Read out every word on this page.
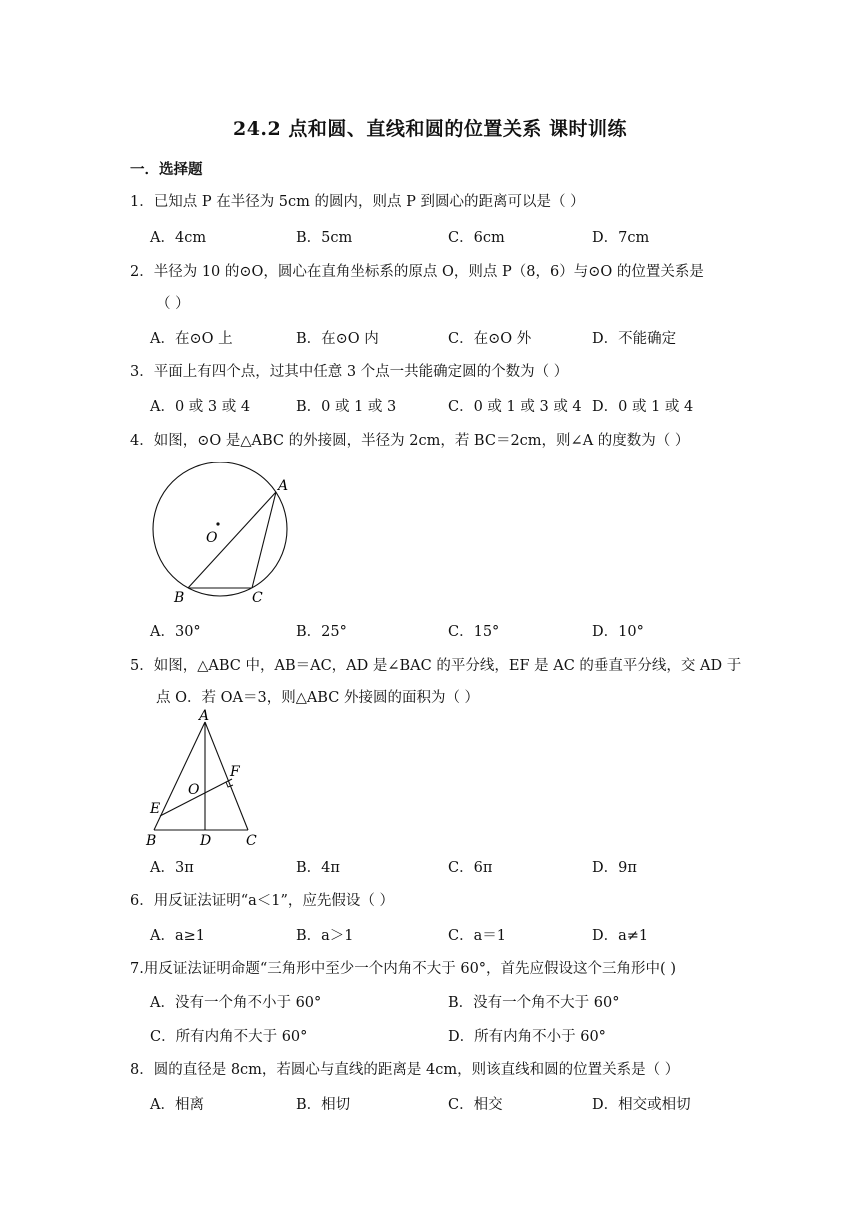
24.2 点和圆、直线和圆的位置关系 课时训练
一．选择题
1．已知点 P 在半径为 5cm 的圆内，则点 P 到圆心的距离可以是（ ）
A．4cm	B．5cm	C．6cm	D．7cm
2．半径为 10 的⊙O，圆心在直角坐标系的原点 O，则点 P（8，6）与⊙O 的位置关系是
（ ）
A．在⊙O 上	B．在⊙O 内	C．在⊙O 外	D．不能确定
3．平面上有四个点，过其中任意 3 个点一共能确定圆的个数为（ ）
A．0 或 3 或 4	B．0 或 1 或 3	C．0 或 1 或 3 或 4 D．0 或 1 或 4
4．如图，⊙O 是△ABC 的外接圆，半径为 2cm，若 BC＝2cm，则∠A 的度数为（ ）
A
B	C
O
A．30°	B．25°	C．15°	D．10°
5．如图，△ABC 中，AB＝AC，AD 是∠BAC 的平分线，EF 是 AC 的垂直平分线，交 AD 于
点 O．若 OA＝3，则△ABC 外接圆的面积为（ ）
A
B	C
D
E
F
O
A．3π	B．4π	C．6π	D．9π
6．用反证法证明“a＜1”，应先假设（ ）
A．a≥1	B．a＞1	C．a＝1	D．a≠1
7.用反证法证明命题“三角形中至少一个内角不大于 60°，首先应假设这个三角形中( )
A．没有一个角不小于 60°	B．没有一个角不大于 60°
C．所有内角不大于 60°	D．所有内角不小于 60°
8．圆的直径是 8cm，若圆心与直线的距离是 4cm，则该直线和圆的位置关系是（ ）
A．相离	B．相切	C．相交	D．相交或相切
